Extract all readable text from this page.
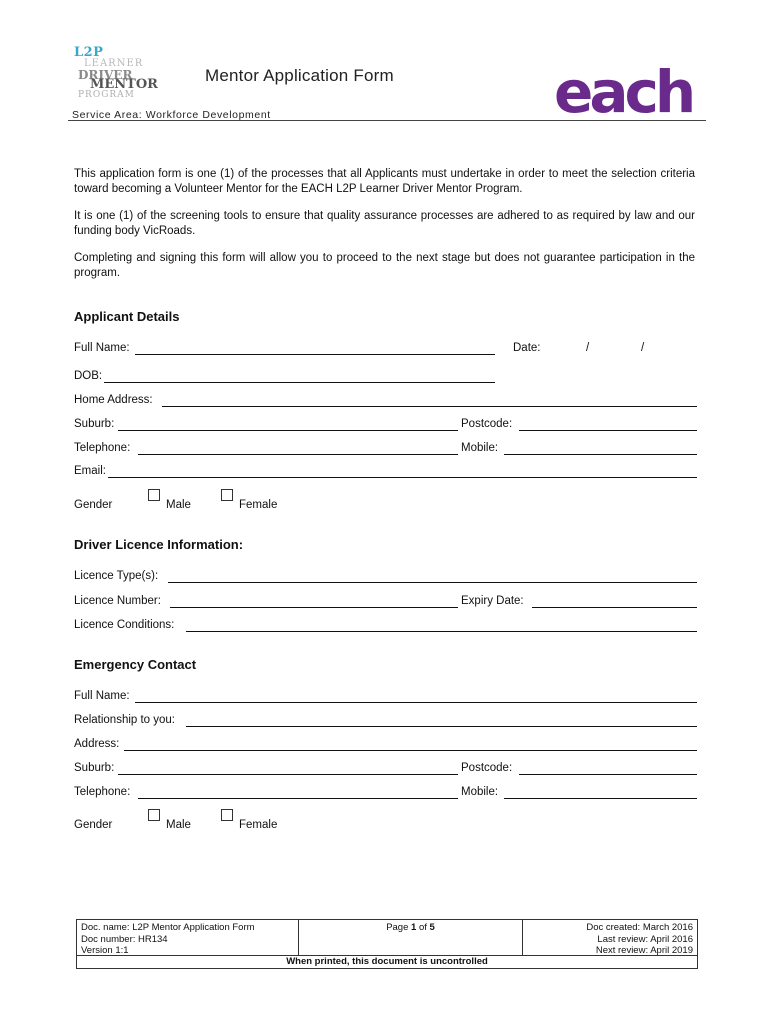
L2P
LEARNER
DRIVER
MENTOR
PROGRAM
Mentor Application Form	each
Service Area: Workforce Development
This application form is one (1) of the processes that all Applicants must undertake in order to meet the selection criteria toward becoming a Volunteer Mentor for the EACH L2P Learner Driver Mentor Program.
It is one (1) of the screening tools to ensure that quality assurance processes are adhered to as required by law and our funding body VicRoads.
Completing and signing this form will allow you to proceed to the next stage but does not guarantee participation in the program.
Applicant Details
Full Name:	Date:	/	/
DOB:
Home Address:
Suburb:	Postcode:
Telephone:	Mobile:
Email:
Gender	Male	Female
Driver Licence Information:
Licence Type(s):
Licence Number:	Expiry Date:
Licence Conditions:
Emergency Contact
Full Name:
Relationship to you:
Address:
Suburb:	Postcode:
Telephone:	Mobile:
Gender	Male	Female
Doc. name: L2P Mentor Application Form
Doc number: HR134
Version 1:1
Page 1 of 5	Doc created: March 2016
Last review: April 2016
Next review: April 2019
When printed, this document is uncontrolled
